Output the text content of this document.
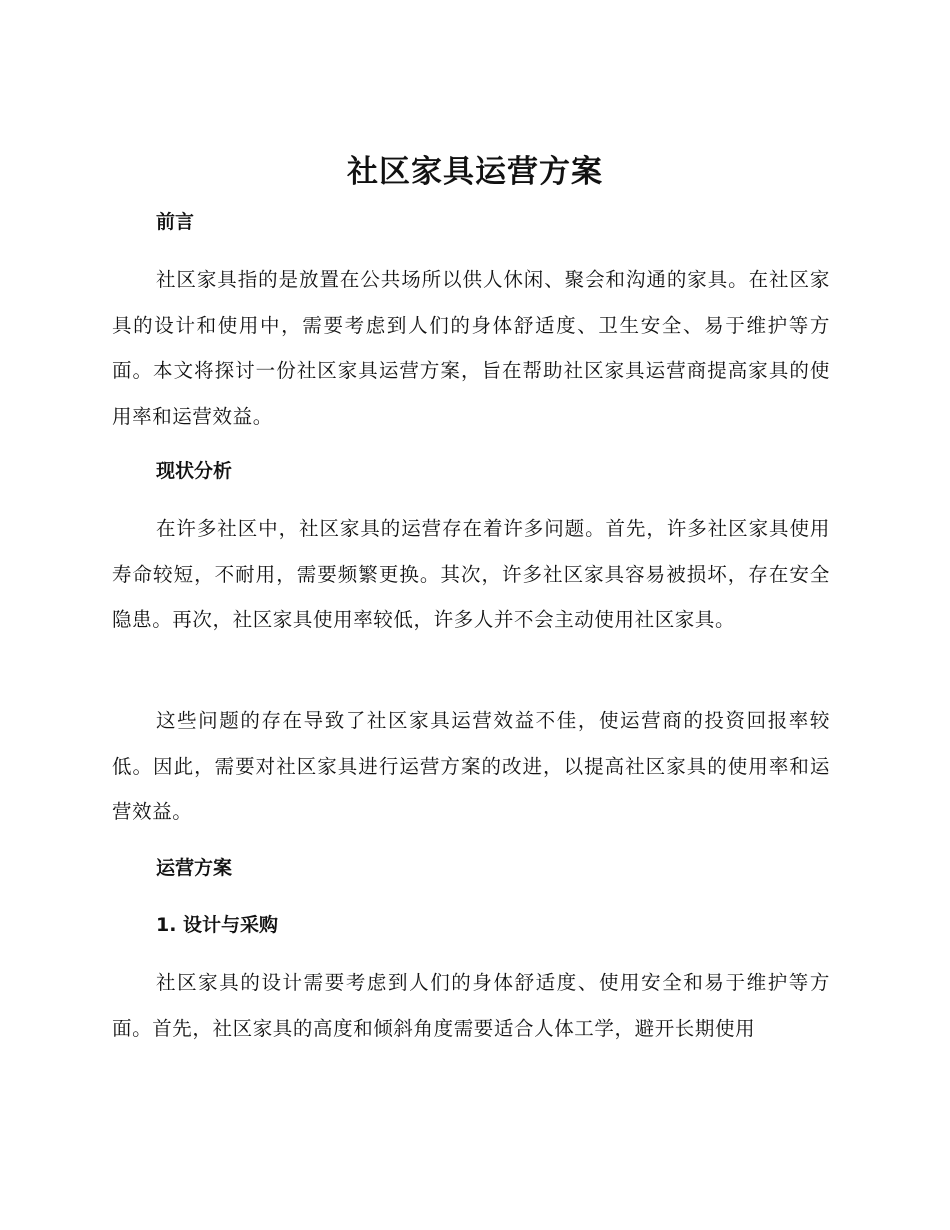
社区家具运营方案
前言

社区家具指的是放置在公共场所以供人休闲、聚会和沟通的家具。在社区家具的设计和使用中，需要考虑到人们的身体舒适度、卫生安全、易于维护等方面。本文将探讨一份社区家具运营方案，旨在帮助社区家具运营商提高家具的使用率和运营效益。

现状分析

在许多社区中，社区家具的运营存在着许多问题。首先，许多社区家具使用寿命较短，不耐用，需要频繁更换。其次，许多社区家具容易被损坏，存在安全隐患。再次，社区家具使用率较低，许多人并不会主动使用社区家具。

这些问题的存在导致了社区家具运营效益不佳，使运营商的投资回报率较低。因此，需要对社区家具进行运营方案的改进，以提高社区家具的使用率和运营效益。

运营方案
1. 设计与采购

社区家具的设计需要考虑到人们的身体舒适度、使用安全和易于维护等方面。首先，社区家具的高度和倾斜角度需要适合人体工学，避开长期使用
